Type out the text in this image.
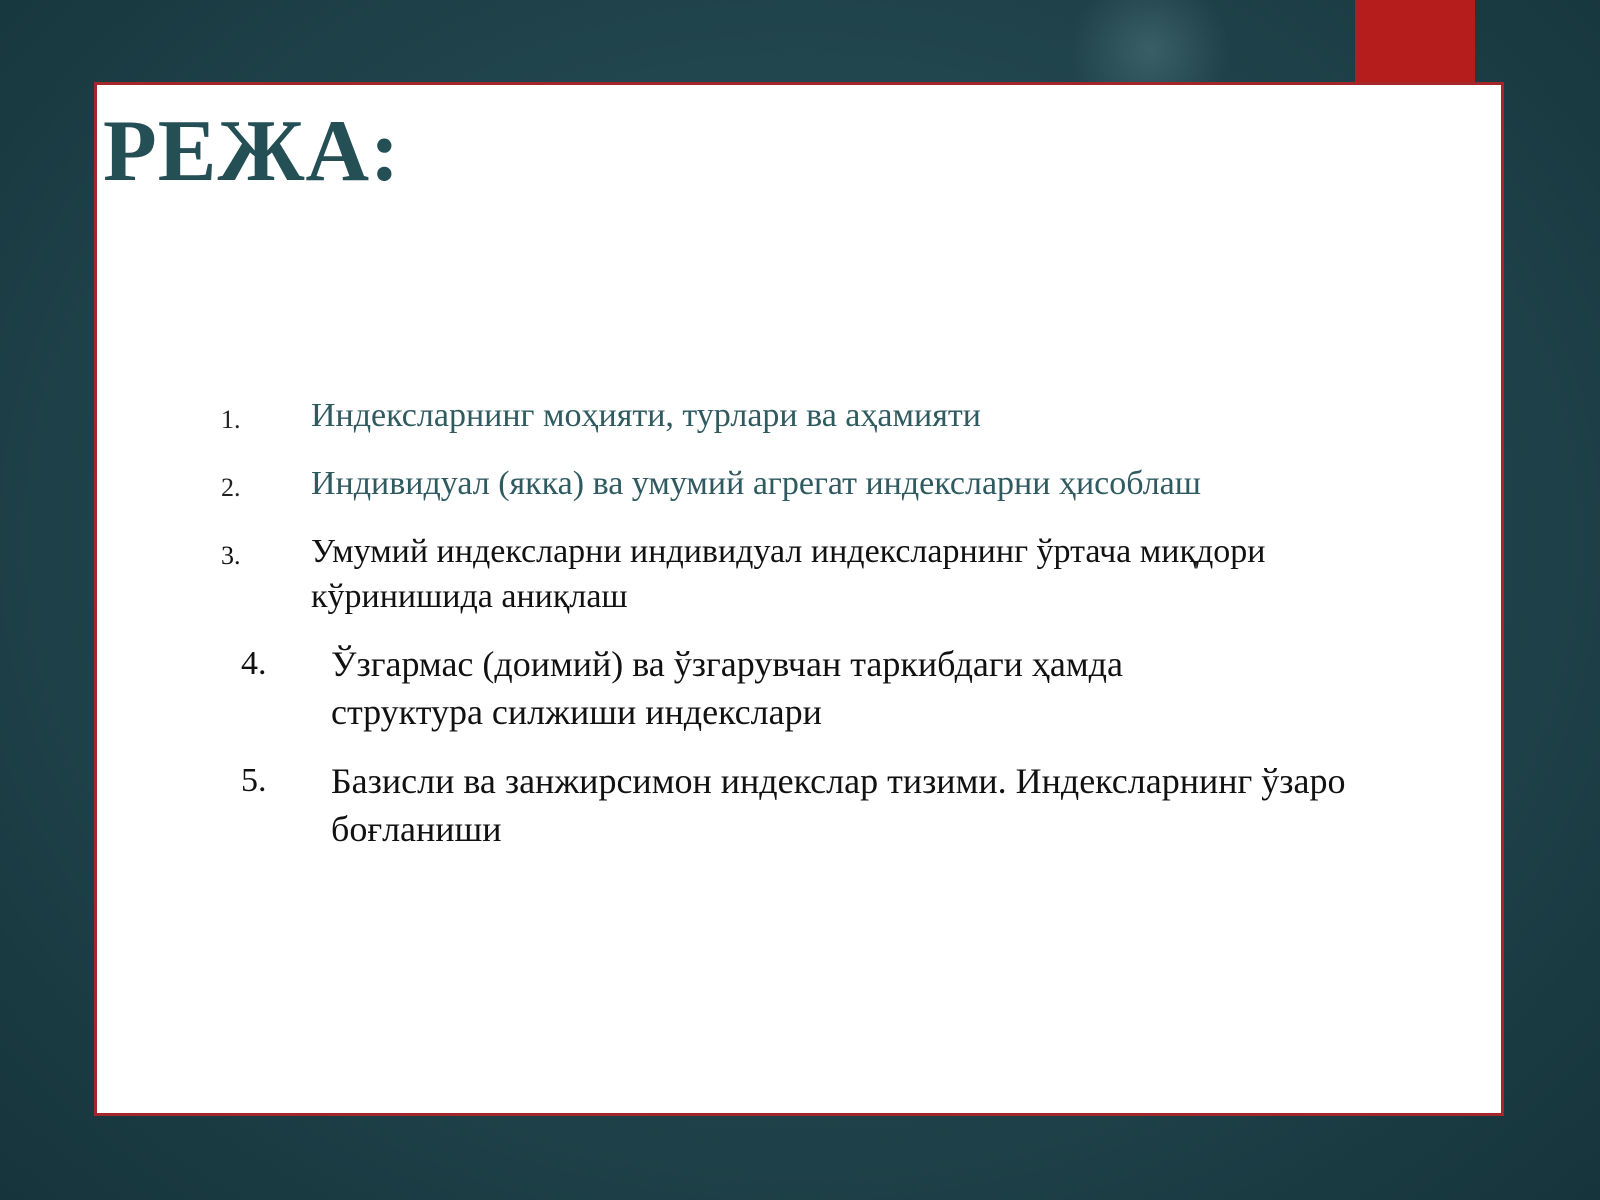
РЕЖА:
1.	Индексларнинг моҳияти, турлари ва аҳамияти
2.	Индивидуал (якка) ва умумий агрегат индексларни ҳисоблаш
3.	Умумий индексларни индивидуал индексларнинг ўртача миқдори кўринишида аниқлаш
4.	Ўзгармас (доимий) ва ўзгарувчан таркибдаги ҳамда структура силжиши индекслари
5.	Базисли ва занжирсимон индекслар тизими. Индексларнинг ўзаро боғланиши
